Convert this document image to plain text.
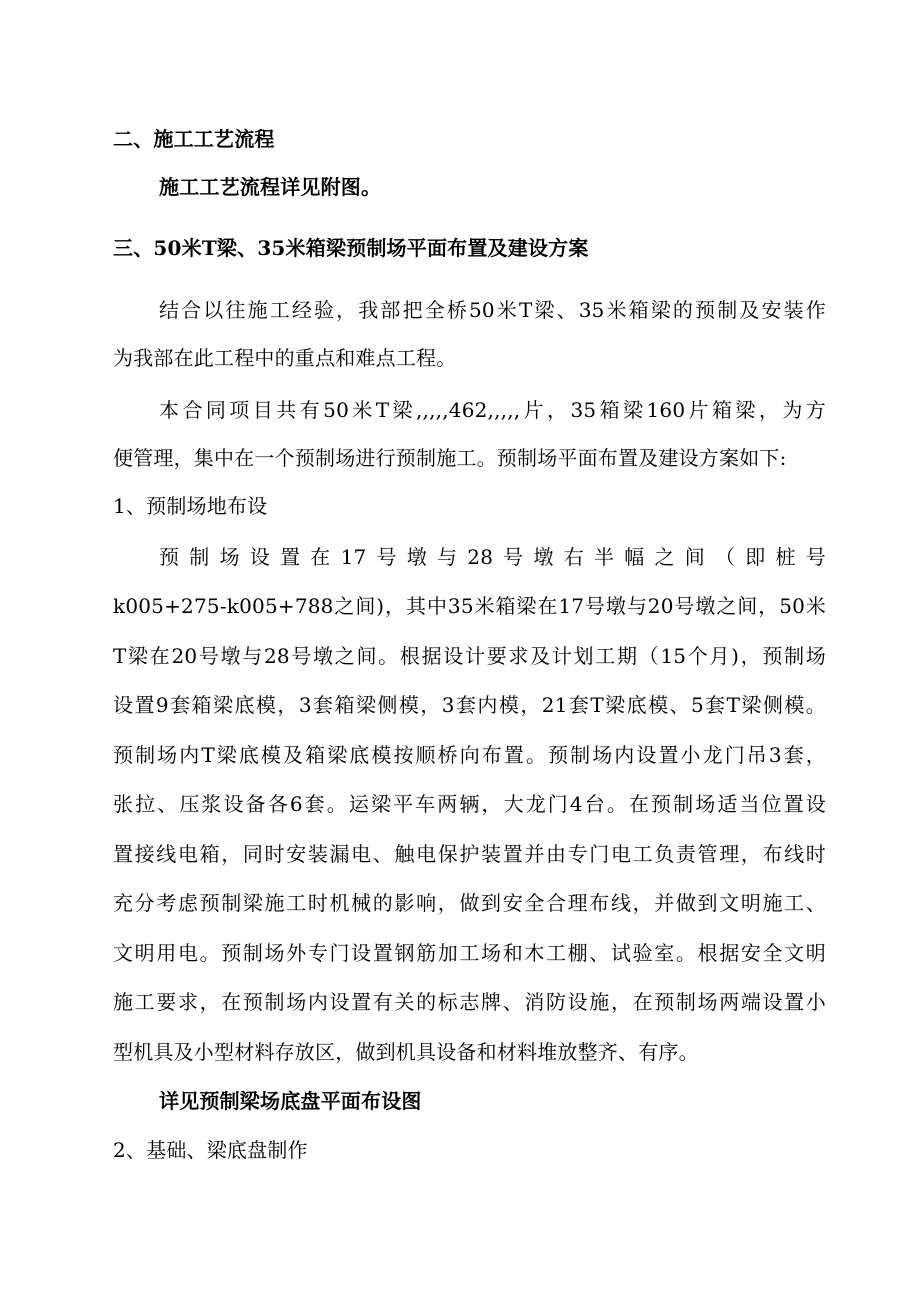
二、施工工艺流程
施工工艺流程详见附图。
三、50米T梁、35米箱梁预制场平面布置及建设方案
结合以往施工经验，我部把全桥50米T梁、35米箱梁的预制及安装作
为我部在此工程中的重点和难点工程。
本合同项目共有50米T梁,,,,,462,,,,,片，35箱梁160片箱梁，为方
便管理，集中在一个预制场进行预制施工。预制场平面布置及建设方案如下:
1、预制场地布设
预制场设置在17号墩与28号墩右半幅之间（即桩号
k005+275-k005+788之间)，其中35米箱梁在17号墩与20号墩之间，50米
T梁在20号墩与28号墩之间。根据设计要求及计划工期（15个月)，预制场
设置9套箱梁底模，3套箱梁侧模，3套内模，21套T梁底模、5套T梁侧模。
预制场内T梁底模及箱梁底模按顺桥向布置。预制场内设置小龙门吊3套，
张拉、压浆设备各6套。运梁平车两辆，大龙门4台。在预制场适当位置设
置接线电箱，同时安装漏电、触电保护装置并由专门电工负责管理，布线时
充分考虑预制梁施工时机械的影响，做到安全合理布线，并做到文明施工、
文明用电。预制场外专门设置钢筋加工场和木工棚、试验室。根据安全文明
施工要求，在预制场内设置有关的标志牌、消防设施，在预制场两端设置小
型机具及小型材料存放区，做到机具设备和材料堆放整齐、有序。
详见预制梁场底盘平面布设图
2、基础、梁底盘制作
